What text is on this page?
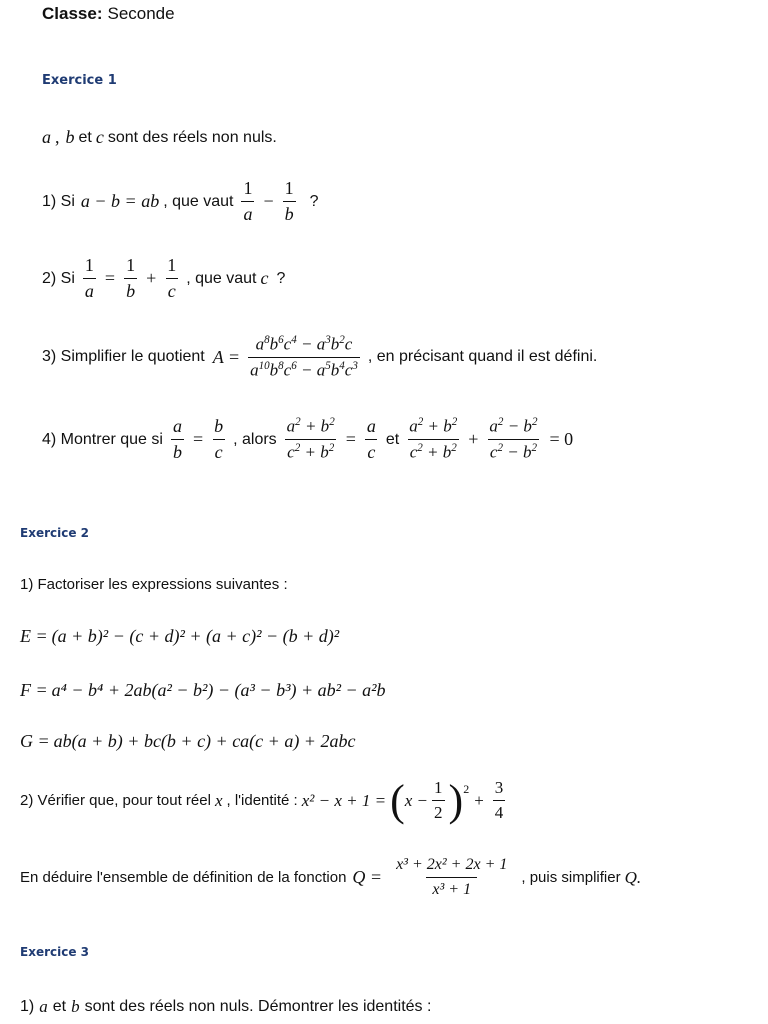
Classe: Seconde
Exercice 1
a , b et c sont des réels non nuls.
1) Si a − b = ab , que vaut $\frac{1}{a} - \frac{1}{b}$ ?
2) Si $\frac{1}{a} = \frac{1}{b} + \frac{1}{c}$ , que vaut c ?
3) Simplifier le quotient $A = \frac{a^8b^6c^4 - a^3b^2c}{a^{10}b^8c^6 - a^5b^4c^3}$ , en précisant quand il est défini.
4) Montrer que si $\frac{a}{b} = \frac{b}{c}$ , alors $\frac{a^2 + b^2}{c^2 + b^2} = \frac{a}{c}$ et $\frac{a^2 + b^2}{c^2 + b^2} + \frac{a^2 - b^2}{c^2 - b^2} = 0$
Exercice 2
1) Factoriser les expressions suivantes :
E = (a + b)² − (c + d)² + (a + c)² − (b + d)²
F = a⁴ − b⁴ + 2ab(a² − b²) − (a³ − b³) + ab² − a²b
G = ab(a + b) + bc(b + c) + ca(c + a) + 2abc
2) Vérifier que, pour tout réel x , l'identité : x² − x + 1 = ( $x - \frac{1}{2}$ ) 2
+ $\frac{3}{4}$
En déduire l'ensemble de définition de la fonction $Q = \frac{\text{x³ + 2x² + 2x + 1}}{\text{x³ + 1}}$ , puis simplifier Q.
Exercice 3
1) a et b sont des réels non nuls. Démontrer les identités :
